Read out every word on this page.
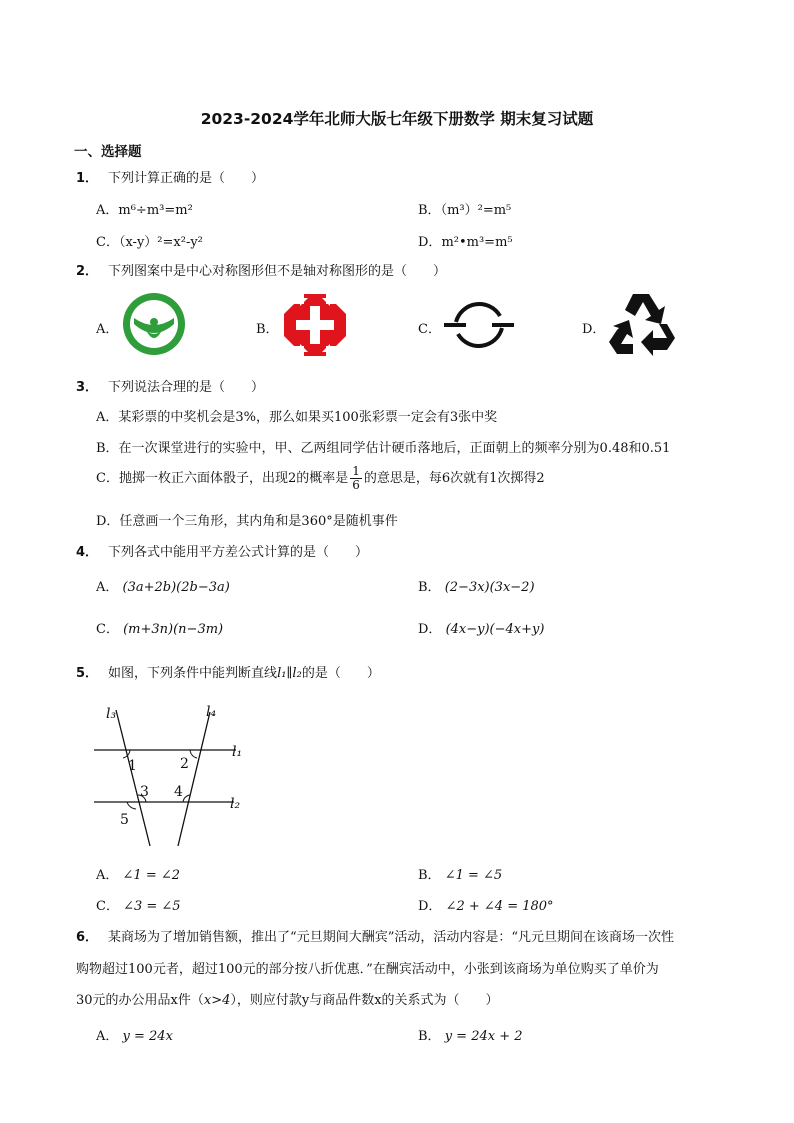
2023-2024学年北师大版七年级下册数学 期末复习试题
一、选择题
1． 下列计算正确的是（　　）
A．m⁶÷m³=m²	B．（m³）²=m⁵
C．（x-y）²=x²-y²	D．m²•m³=m⁵
2． 下列图案中是中心对称图形但不是轴对称图形的是（　　）
A．	B．	C．	D．
3． 下列说法合理的是（　　）
A．某彩票的中奖机会是3%，那么如果买100张彩票一定会有3张中奖
B．在一次课堂进行的实验中，甲、乙两组同学估计硬币落地后，正面朝上的频率分别为0.48和0.51
C．抛掷一枚正六面体骰子，出现2的概率是 $\frac{1}{6}$ 的意思是，每6次就有1次掷得2
D．任意画一个三角形，其内角和是360°是随机事件
4． 下列各式中能用平方差公式计算的是（　　）
A． (3a+2b)(2b−3a)	B． (2−3x)(3x−2)
C． (m+3n)(n−3m)	D． (4x−y)(−4x+y)
5． 如图，下列条件中能判断直线l₁∥l₂的是（　　）
l₃	l₄
l₁
l₂
1	2
3 4
5
A． ∠1 = ∠2	B． ∠1 = ∠5
C． ∠3 = ∠5	D． ∠2 + ∠4 = 180°
6． 某商场为了增加销售额，推出了“元旦期间大酬宾”活动，活动内容是：“凡元旦期间在该商场一次性
购物超过100元者，超过100元的部分按八折优惠．”在酬宾活动中，小张到该商场为单位购买了单价为
30元的办公用品x件（x>4），则应付款y与商品件数x的关系式为（　　）
A． y = 24x	B． y = 24x + 2
